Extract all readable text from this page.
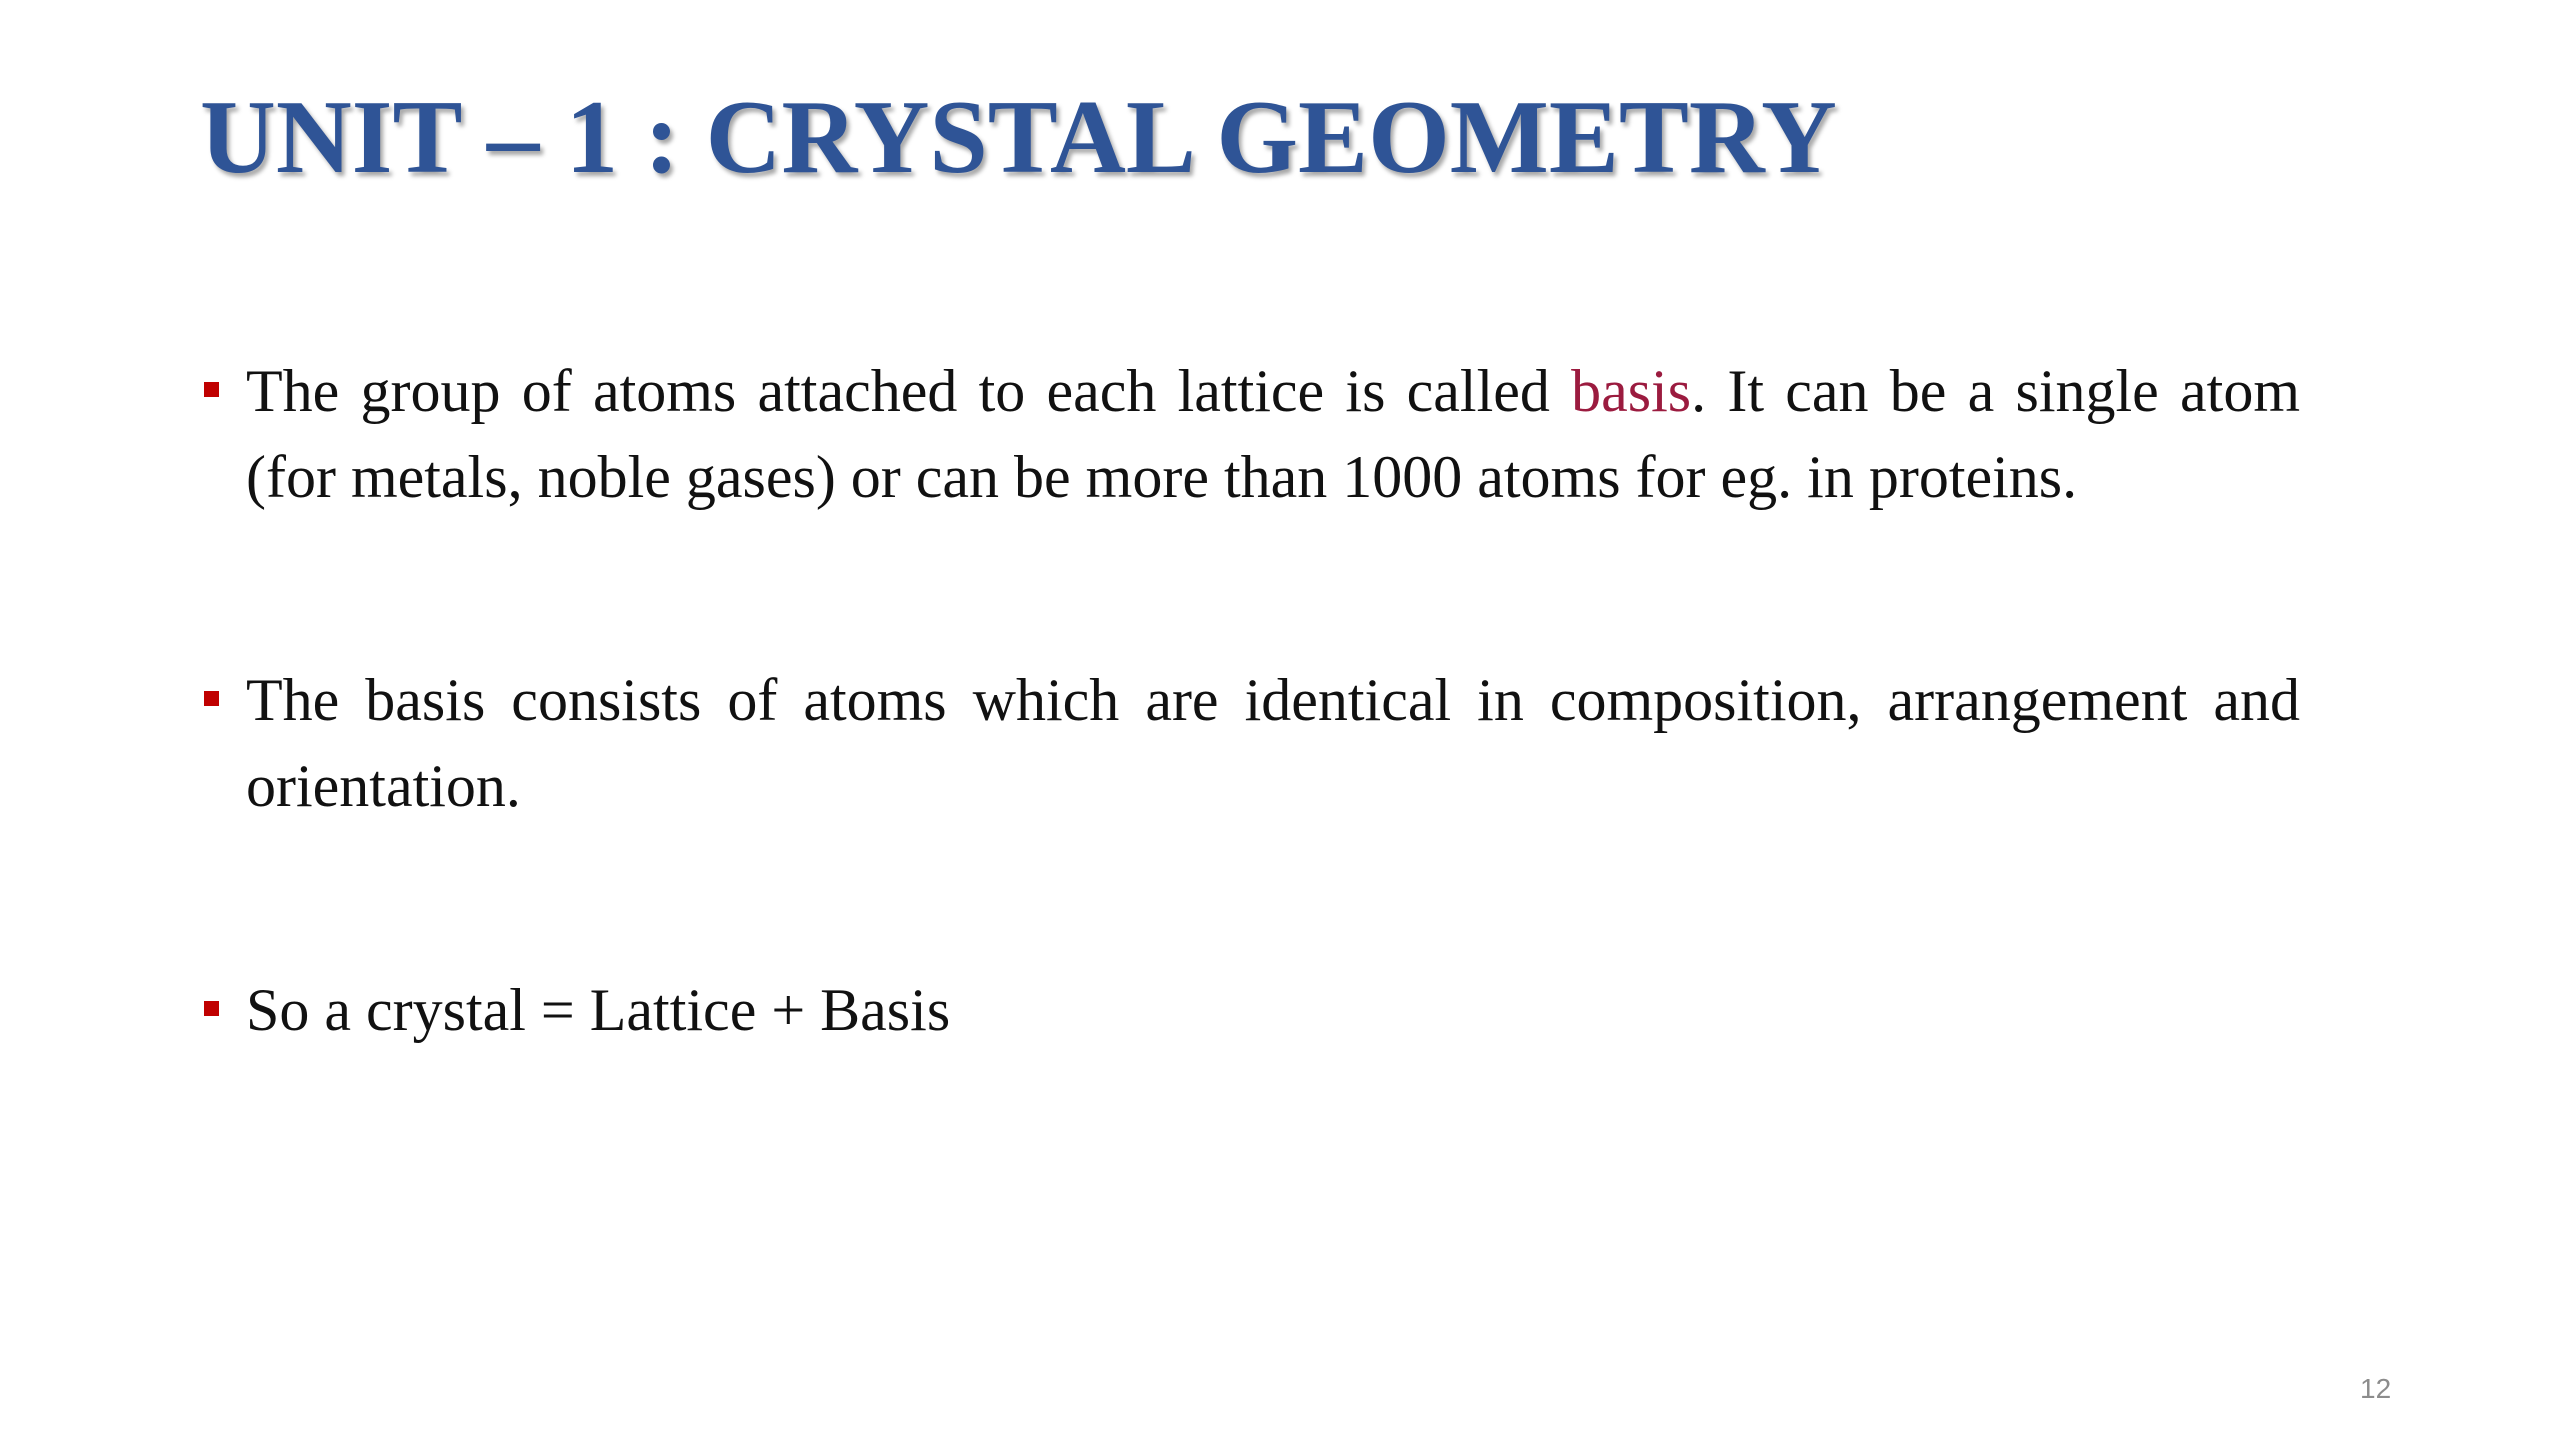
UNIT – 1 : CRYSTAL GEOMETRY
The group of atoms attached to each lattice is called basis. It can be a single atom (for metals, noble gases) or can be more than 1000 atoms for eg. in proteins.
The basis consists of atoms which are identical in composition, arrangement and orientation.
So a crystal = Lattice + Basis
12
